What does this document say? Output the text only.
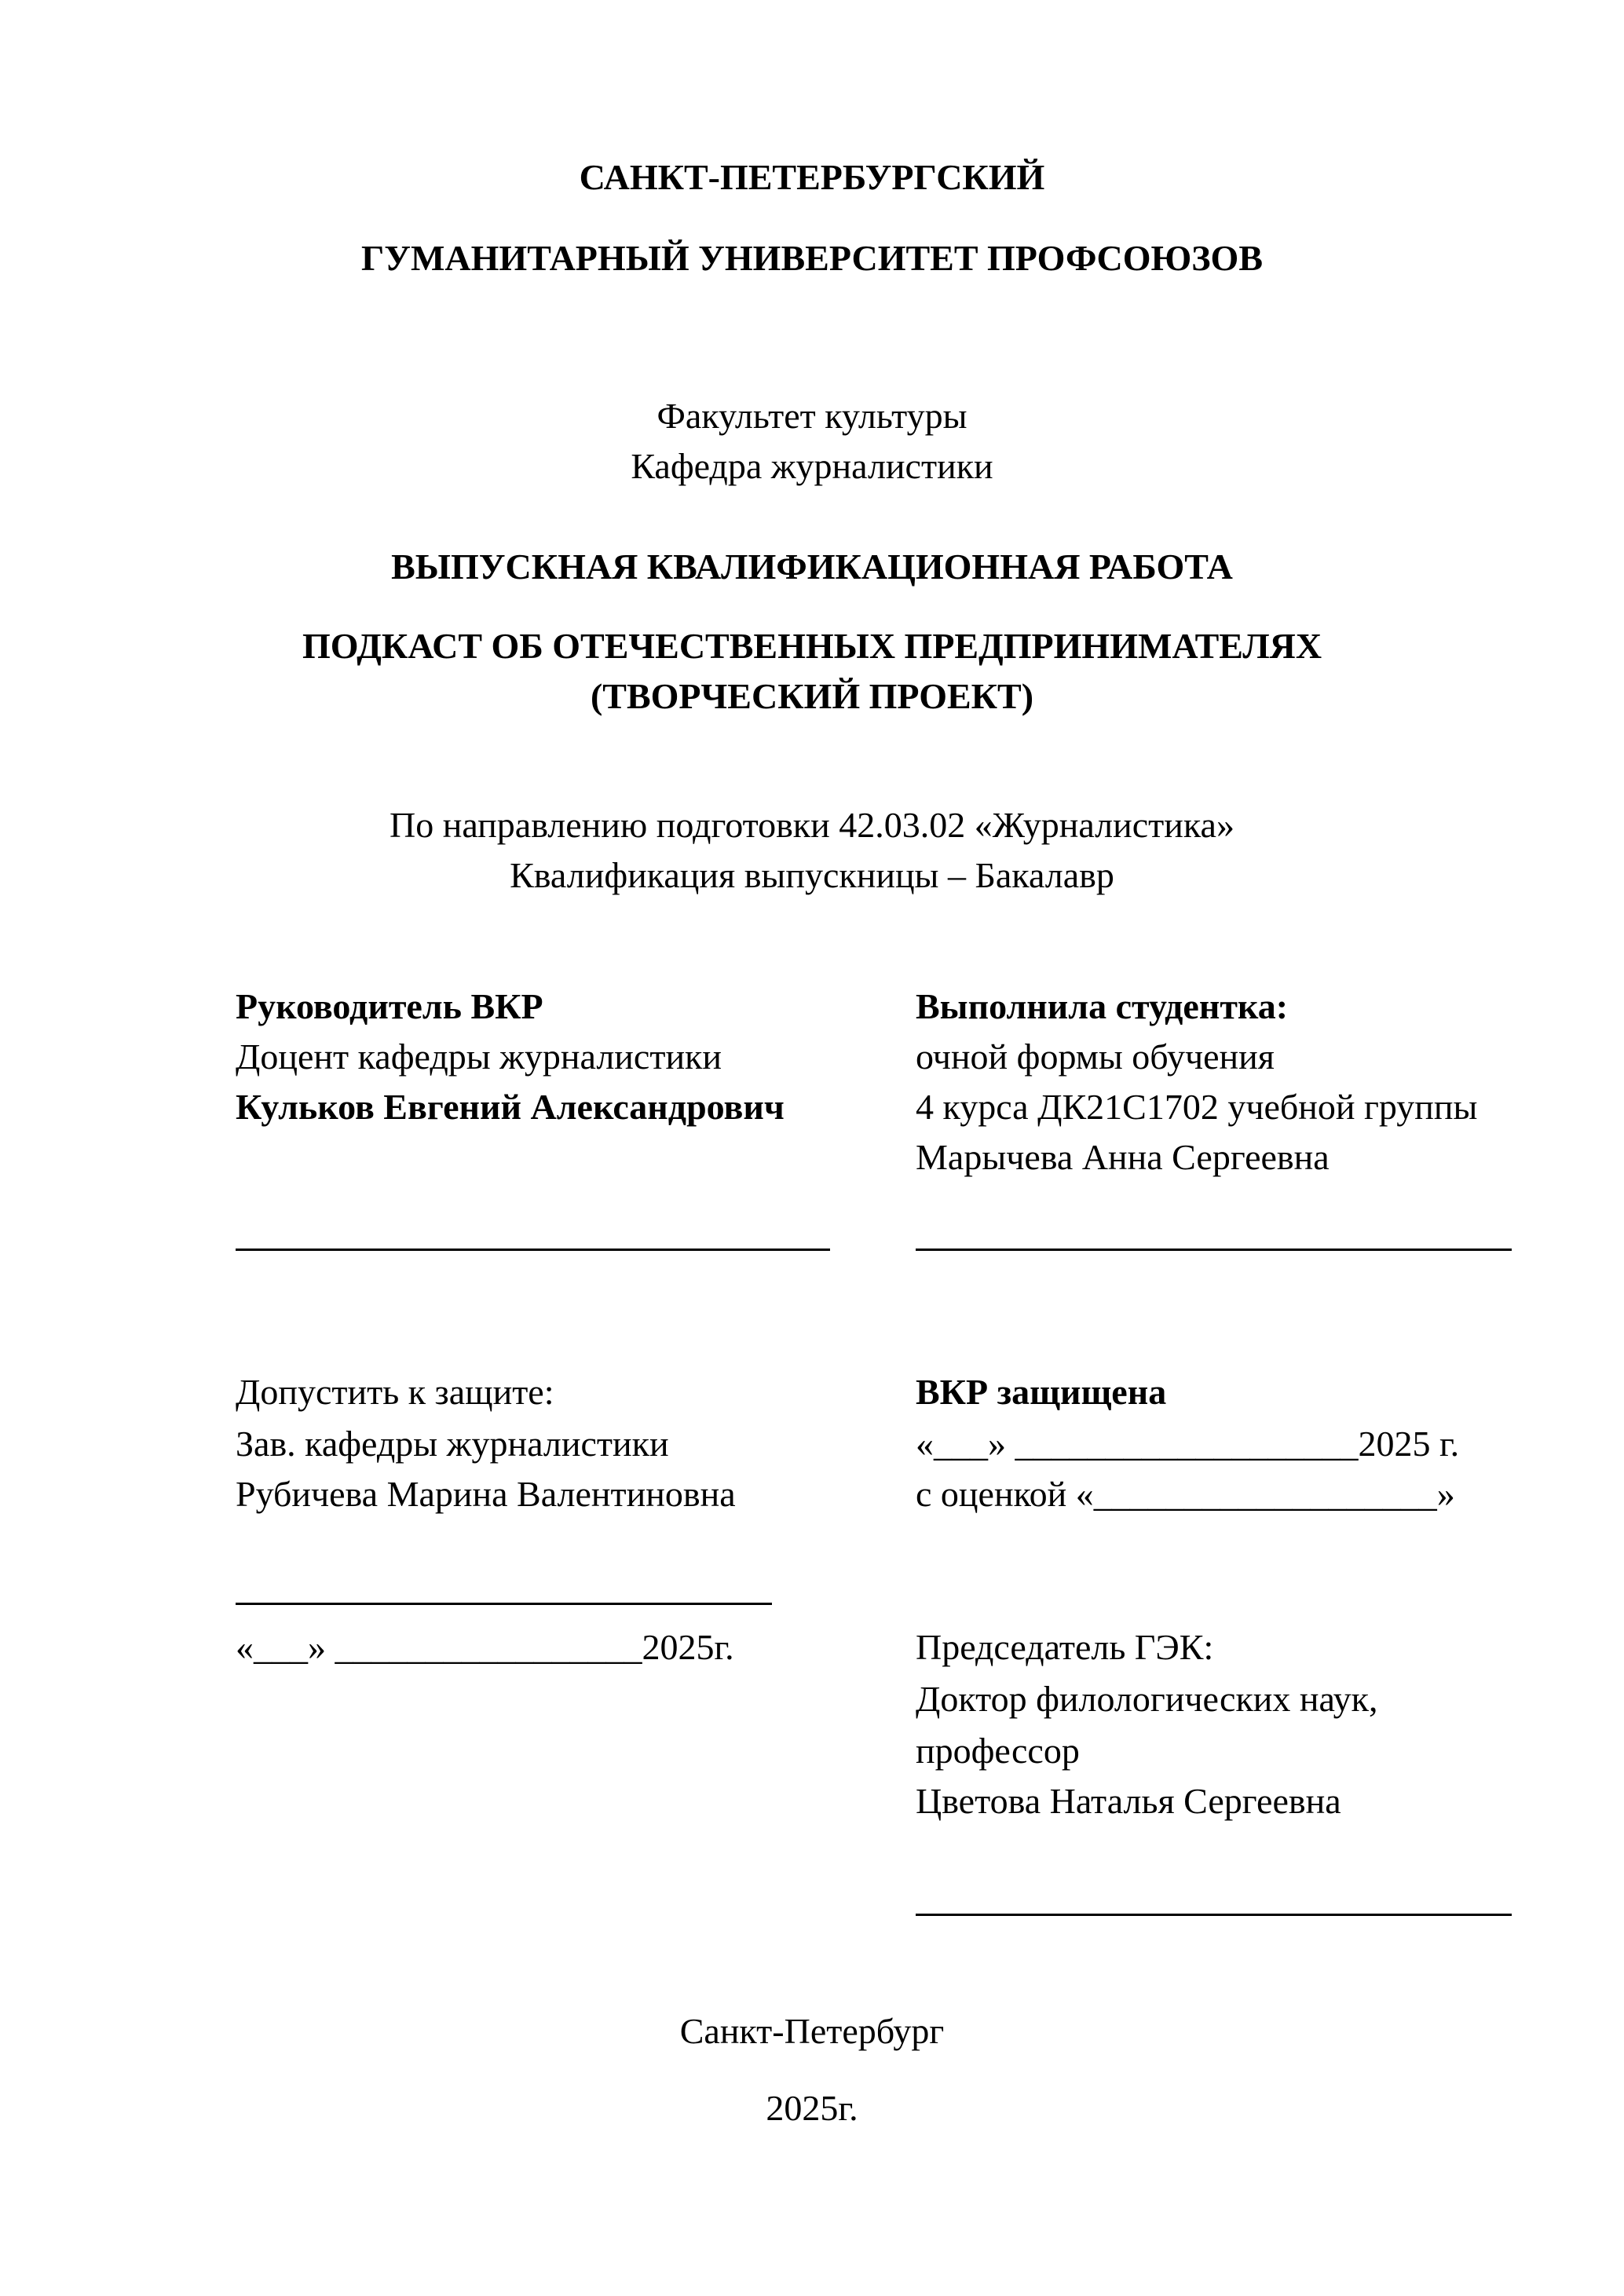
САНКТ-ПЕТЕРБУРГСКИЙ
ГУМАНИТАРНЫЙ УНИВЕРСИТЕТ ПРОФСОЮЗОВ
Факультет культуры
Кафедра журналистики
ВЫПУСКНАЯ КВАЛИФИКАЦИОННАЯ РАБОТА
ПОДКАСТ ОБ ОТЕЧЕСТВЕННЫХ ПРЕДПРИНИМАТЕЛЯХ
(ТВОРЧЕСКИЙ ПРОЕКТ)
По направлению подготовки 42.03.02 «Журналистика»
Квалификация выпускницы – Бакалавр
Руководитель ВКР
Доцент кафедры журналистики
Кульков Евгений Александрович
Выполнила студентка:
очной формы обучения
4 курса ДК21С1702 учебной группы
Марычева Анна Сергеевна
Допустить к защите:
Зав. кафедры журналистики
Рубичева Марина Валентиновна
«___» _________________2025г.
ВКР защищена
«___» ___________________2025 г.
с оценкой «___________________»
Председатель ГЭК:
Доктор филологических наук,
профессор
Цветова Наталья Сергеевна
Санкт-Петербург
2025г.
